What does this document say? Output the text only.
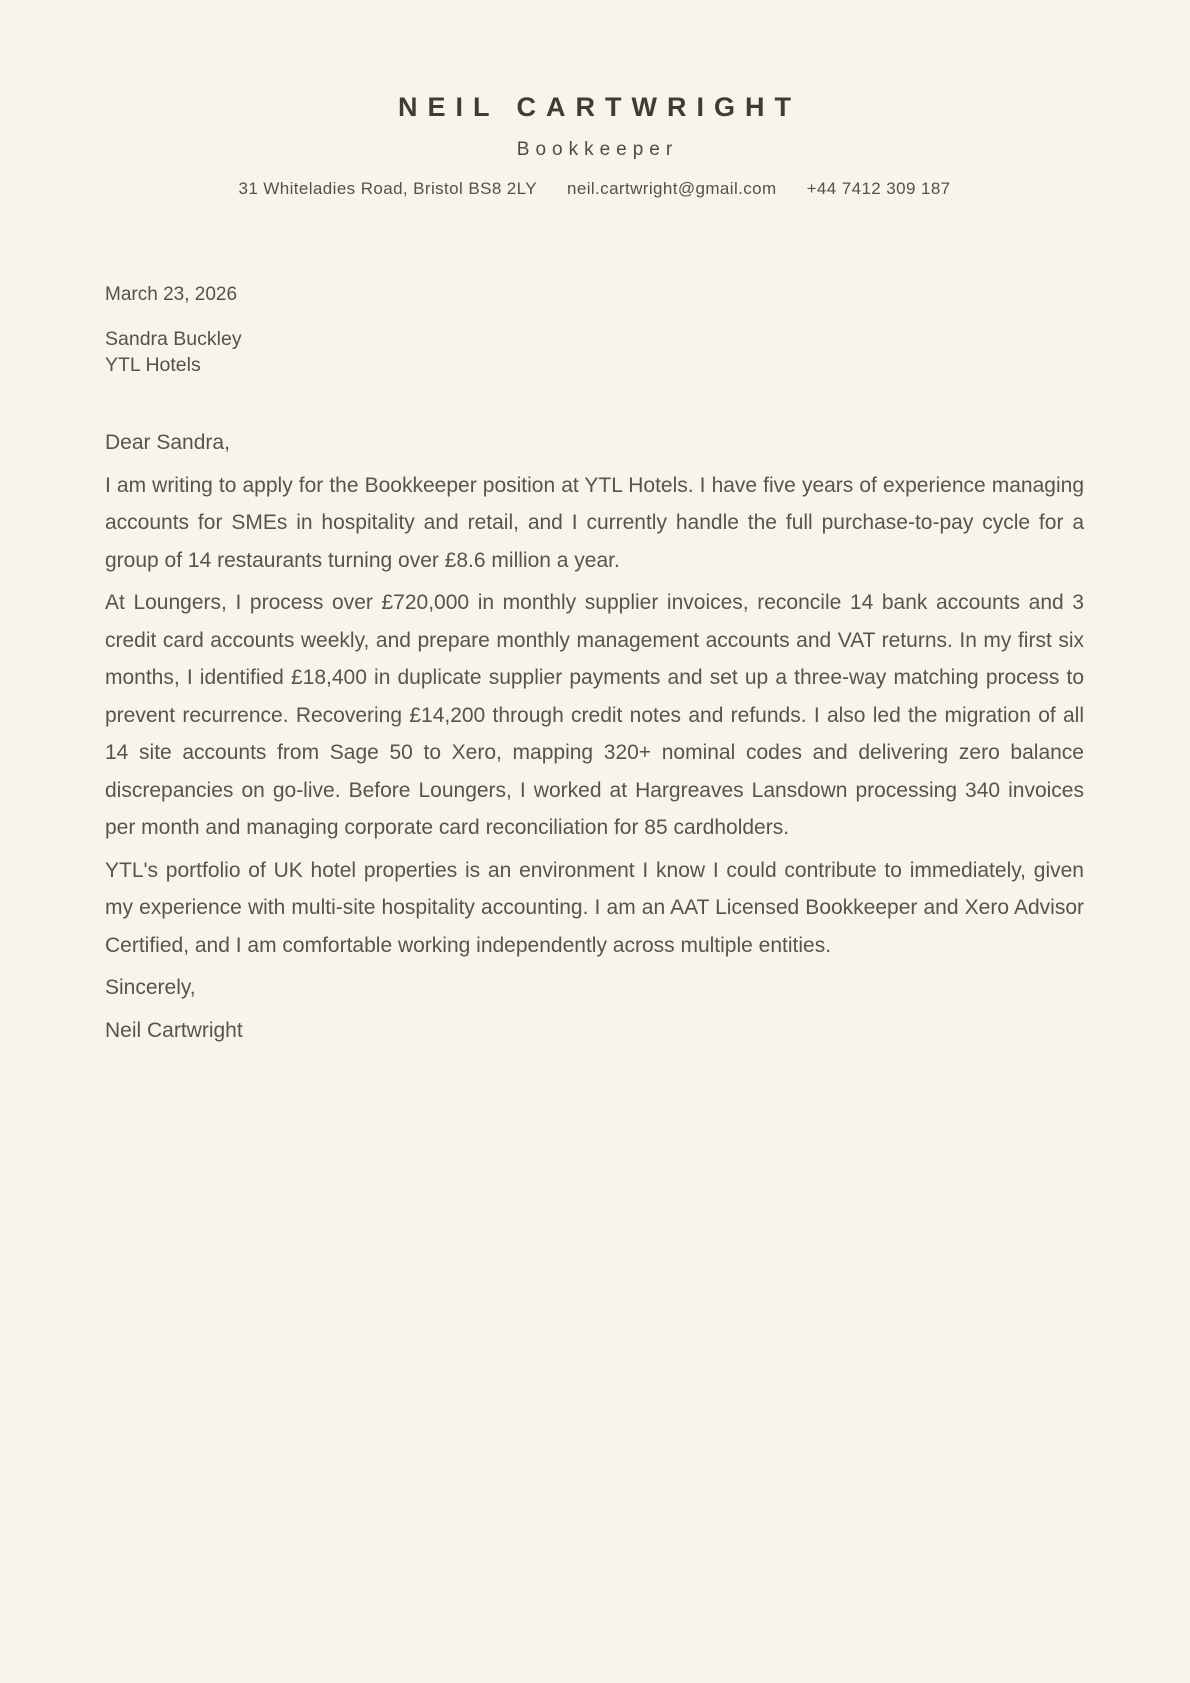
NEIL CARTWRIGHT
Bookkeeper
31 Whiteladies Road, Bristol BS8 2LY neil.cartwright@gmail.com +44 7412 309 187
March 23, 2026
Sandra Buckley
YTL Hotels

Dear Sandra,

I am writing to apply for the Bookkeeper position at YTL Hotels. I have five years of experience managing accounts for SMEs in hospitality and retail, and I currently handle the full purchase-to-pay cycle for a group of 14 restaurants turning over £8.6 million a year.

At Loungers, I process over £720,000 in monthly supplier invoices, reconcile 14 bank accounts and 3 credit card accounts weekly, and prepare monthly management accounts and VAT returns. In my first six months, I identified £18,400 in duplicate supplier payments and set up a three-way matching process to prevent recurrence. Recovering £14,200 through credit notes and refunds. I also led the migration of all 14 site accounts from Sage 50 to Xero, mapping 320+ nominal codes and delivering zero balance discrepancies on go-live. Before Loungers, I worked at Hargreaves Lansdown processing 340 invoices per month and managing corporate card reconciliation for 85 cardholders.

YTL's portfolio of UK hotel properties is an environment I know I could contribute to immediately, given my experience with multi-site hospitality accounting. I am an AAT Licensed Bookkeeper and Xero Advisor Certified, and I am comfortable working independently across multiple entities.

Sincerely,

Neil Cartwright
